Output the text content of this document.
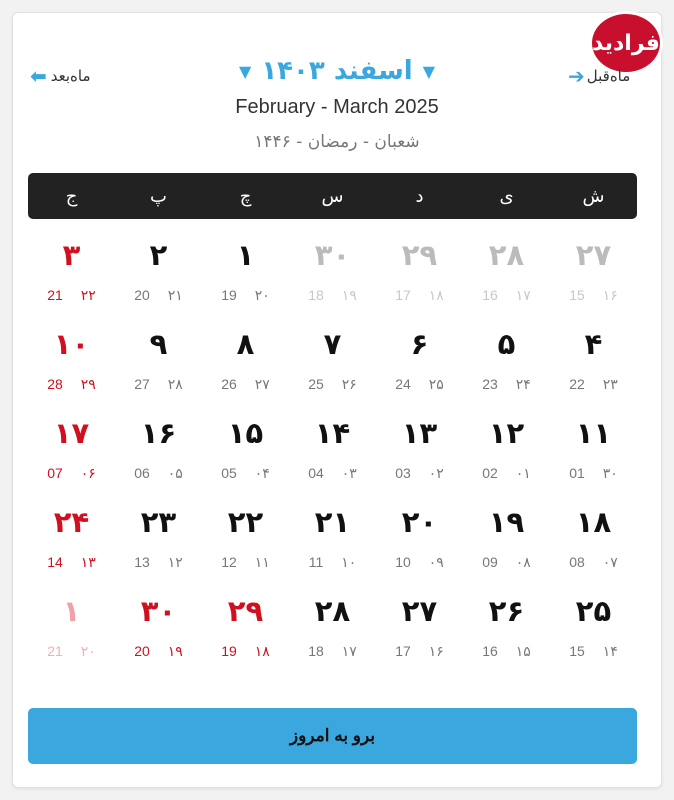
فرادید
➔ ماه‌قبل
⬅ ماه‌بعد	▼ اسفند ۱۴۰۳ ▼
February - March 2025
شعبان - رمضان - ۱۴۴۶
ش
ی
د
س
چ
پ
ج
۲۷
۱۶
15
۲۸
۱۷
16
۲۹
۱۸
17
۳۰
۱۹
18
۱
۲۰
19
۲
۲۱
20
۳
۲۲
21
۴
۲۳
22
۵
۲۴
23
۶
۲۵
24
۷
۲۶
25
۸
۲۷
26
۹
۲۸
27
۱۰
۲۹
28
۱۱
۳۰
01
۱۲
۰۱
02
۱۳
۰۲
03
۱۴
۰۳
04
۱۵
۰۴
05
۱۶
۰۵
06
۱۷
۰۶
07
۱۸
۰۷
08
۱۹
۰۸
09
۲۰
۰۹
10
۲۱
۱۰
11
۲۲
۱۱
12
۲۳
۱۲
13
۲۴
۱۳
14
۲۵
۱۴
15
۲۶
۱۵
16
۲۷
۱۶
17
۲۸
۱۷
18
۲۹
۱۸
19
۳۰
۱۹
20
۱
۲۰
21
برو به امروز
